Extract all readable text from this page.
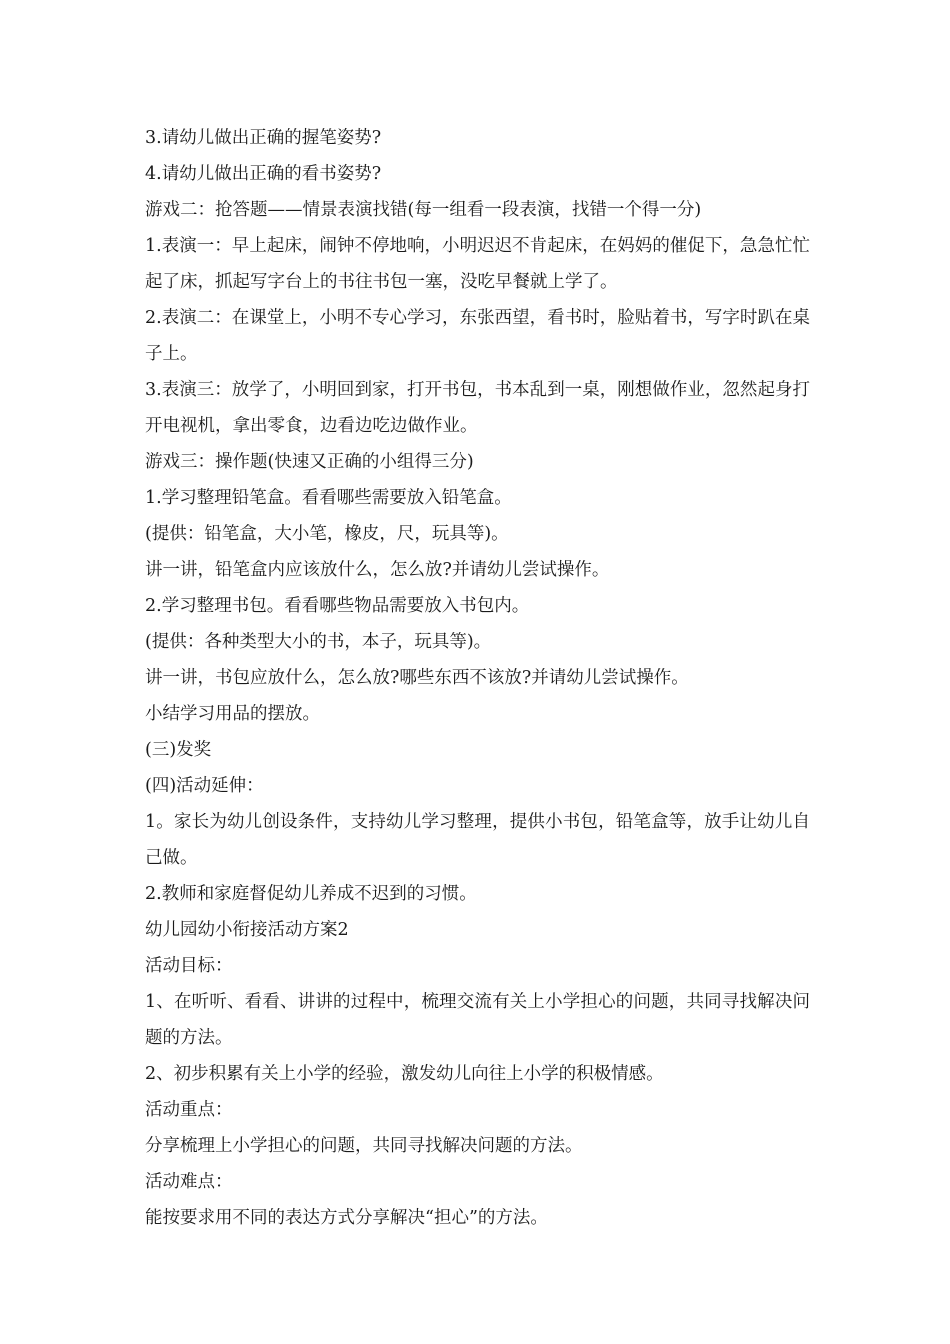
3.请幼儿做出正确的握笔姿势?

4.请幼儿做出正确的看书姿势?

游戏二：抢答题——情景表演找错(每一组看一段表演，找错一个得一分)

1.表演一：早上起床，闹钟不停地响，小明迟迟不肯起床，在妈妈的催促下，急急忙忙起了床，抓起写字台上的书往书包一塞，没吃早餐就上学了。

2.表演二：在课堂上，小明不专心学习，东张西望，看书时，脸贴着书，写字时趴在桌子上。

3.表演三：放学了，小明回到家，打开书包，书本乱到一桌，刚想做作业，忽然起身打开电视机，拿出零食，边看边吃边做作业。

游戏三：操作题(快速又正确的小组得三分)

1.学习整理铅笔盒。看看哪些需要放入铅笔盒。

(提供：铅笔盒，大小笔，橡皮，尺，玩具等)。

讲一讲，铅笔盒内应该放什么，怎么放?并请幼儿尝试操作。

2.学习整理书包。看看哪些物品需要放入书包内。

(提供：各种类型大小的书，本子，玩具等)。

讲一讲，书包应放什么，怎么放?哪些东西不该放?并请幼儿尝试操作。

小结学习用品的摆放。

(三)发奖

(四)活动延伸：

1。家长为幼儿创设条件，支持幼儿学习整理，提供小书包，铅笔盒等，放手让幼儿自己做。

2.教师和家庭督促幼儿养成不迟到的习惯。

幼儿园幼小衔接活动方案2

活动目标：

1、在听听、看看、讲讲的过程中，梳理交流有关上小学担心的问题，共同寻找解决问题的方法。

2、初步积累有关上小学的经验，激发幼儿向往上小学的积极情感。

活动重点：

分享梳理上小学担心的问题，共同寻找解决问题的方法。

活动难点：

能按要求用不同的表达方式分享解决“担心”的方法。
